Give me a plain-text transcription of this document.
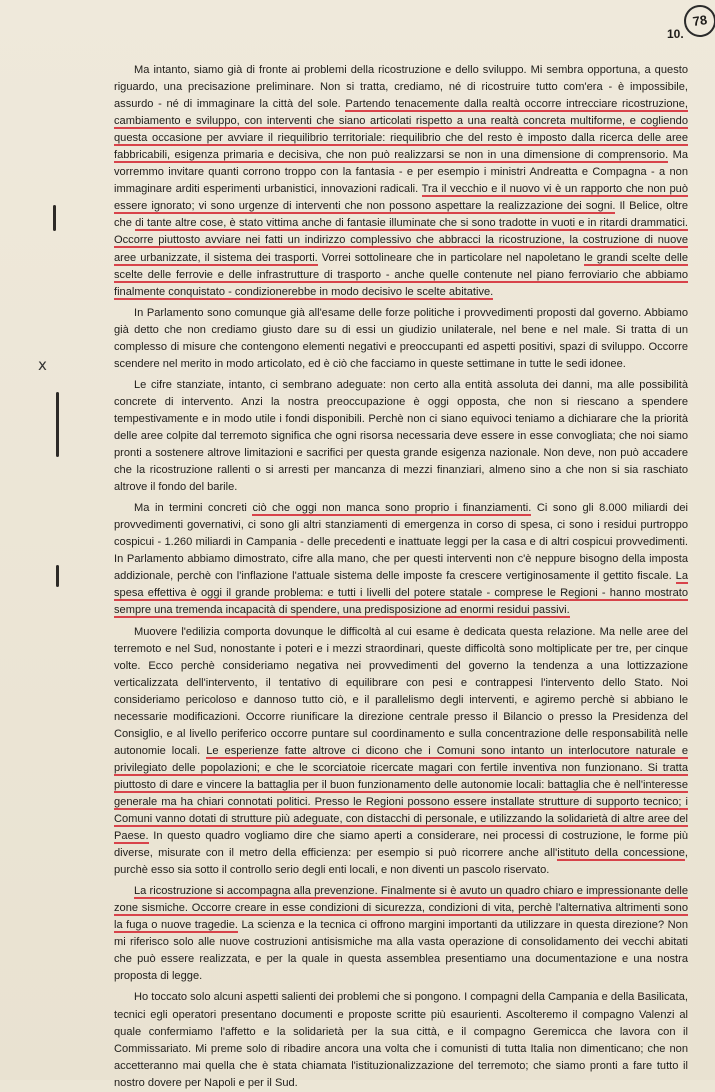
78
10.
x

Ma intanto, siamo già di fronte ai problemi della ricostruzione e dello sviluppo. Mi sembra opportuna, a questo riguardo, una precisazione preliminare. Non si tratta, crediamo, né di ricostruire tutto com'era - è impossibile, assurdo - né di immaginare la città del sole. Partendo tenacemente dalla realtà occorre intrecciare ricostruzione, cambiamento e sviluppo, con interventi che siano articolati rispetto a una realtà concreta multiforme, e cogliendo questa occasione per avviare il riequilibrio territoriale: riequilibrio che del resto è imposto dalla ricerca delle aree fabbricabili, esigenza primaria e decisiva, che non può realizzarsi se non in una dimensione di comprensorio. Ma vorremmo invitare quanti corrono troppo con la fantasia - e per esempio i ministri Andreatta e Compagna - a non immaginare arditi esperimenti urbanistici, innovazioni radicali. Tra il vecchio e il nuovo vi è un rapporto che non può essere ignorato; vi sono urgenze di interventi che non possono aspettare la realizzazione dei sogni. Il Belice, oltre che di tante altre cose, è stato vittima anche di fantasie illuminate che si sono tradotte in vuoti e in ritardi drammatici. Occorre piuttosto avviare nei fatti un indirizzo complessivo che abbracci la ricostruzione, la costruzione di nuove aree urbanizzate, il sistema dei trasporti. Vorrei sottolineare che in particolare nel napoletano le grandi scelte delle scelte delle ferrovie e delle infrastrutture di trasporto - anche quelle contenute nel piano ferroviario che abbiamo finalmente conquistato - condizionerebbe in modo decisivo le scelte abitative.

In Parlamento sono comunque già all'esame delle forze politiche i provvedimenti proposti dal governo. Abbiamo già detto che non crediamo giusto dare su di essi un giudizio unilaterale, nel bene e nel male. Si tratta di un complesso di misure che contengono elementi negativi e preoccupanti ed aspetti positivi, spazi di sviluppo. Occorre scendere nel merito in modo articolato, ed è ciò che facciamo in queste settimane in tutte le sedi idonee.

Le cifre stanziate, intanto, ci sembrano adeguate: non certo alla entità assoluta dei danni, ma alle possibilità concrete di intervento. Anzi la nostra preoccupazione è oggi opposta, che non si riescano a spendere tempestivamente e in modo utile i fondi disponibili. Perchè non ci siano equivoci teniamo a dichiarare che la priorità delle aree colpite dal terremoto significa che ogni risorsa necessaria deve essere in esse convogliata; che noi siamo pronti a sostenere altrove limitazioni e sacrifici per questa grande esigenza nazionale. Non deve, non può accadere che la ricostruzione rallenti o si arresti per mancanza di mezzi finanziari, almeno sino a che non si sia raschiato altrove il fondo del barile.

Ma in termini concreti ciò che oggi non manca sono proprio i finanziamenti. Ci sono gli 8.000 miliardi dei provvedimenti governativi, ci sono gli altri stanziamenti di emergenza in corso di spesa, ci sono i residui purtroppo cospicui - 1.260 miliardi in Campania - delle precedenti e inattuate leggi per la casa e di altri cospicui provvedimenti. In Parlamento abbiamo dimostrato, cifre alla mano, che per questi interventi non c'è neppure bisogno della imposta addizionale, perchè con l'inflazione l'attuale sistema delle imposte fa crescere vertiginosamente il gettito fiscale. La spesa effettiva è oggi il grande problema: e tutti i livelli del potere statale - comprese le Regioni - hanno mostrato sempre una tremenda incapacità di spendere, una predisposizione ad enormi residui passivi.

Muovere l'edilizia comporta dovunque le difficoltà al cui esame è dedicata questa relazione. Ma nelle aree del terremoto e nel Sud, nonostante i poteri e i mezzi straordinari, queste difficoltà sono moltiplicate per tre, per cinque volte. Ecco perchè consideriamo negativa nei provvedimenti del governo la tendenza a una lottizzazione verticalizzata dell'intervento, il tentativo di equilibrare con pesi e contrappesi l'intervento dello Stato. Noi consideriamo pericoloso e dannoso tutto ciò, e il parallelismo degli interventi, e agiremo perchè si abbiano le necessarie modificazioni. Occorre riunificare la direzione centrale presso il Bilancio o presso la Presidenza del Consiglio, e al livello periferico occorre puntare sul coordinamento e sulla concentrazione delle responsabilità nelle autonomie locali. Le esperienze fatte altrove ci dicono che i Comuni sono intanto un interlocutore naturale e privilegiato delle popolazioni; e che le scorciatoie ricercate magari con fertile inventiva non funzionano. Si tratta piuttosto di dare e vincere la battaglia per il buon funzionamento delle autonomie locali: battaglia che è nell'interesse generale ma ha chiari connotati politici. Presso le Regioni possono essere installate strutture di supporto tecnico; i Comuni vanno dotati di strutture più adeguate, con distacchi di personale, e utilizzando la solidarietà di altre aree del Paese. In questo quadro vogliamo dire che siamo aperti a considerare, nei processi di costruzione, le forme più diverse, misurate con il metro della efficienza: per esempio si può ricorrere anche all'istituto della concessione, purchè esso sia sotto il controllo serio degli enti locali, e non diventi un pascolo riservato.

La ricostruzione si accompagna alla prevenzione. Finalmente si è avuto un quadro chiaro e impressionante delle zone sismiche. Occorre creare in esse condizioni di sicurezza, condizioni di vita, perchè l'alternativa altrimenti sono la fuga o nuove tragedie. La scienza e la tecnica ci offrono margini importanti da utilizzare in questa direzione? Non mi riferisco solo alle nuove costruzioni antisismiche ma alla vasta operazione di consolidamento dei vecchi abitati che può essere realizzata, e per la quale in questa assemblea presentiamo una documentazione e una nostra proposta di legge.

Ho toccato solo alcuni aspetti salienti dei problemi che si pongono. I compagni della Campania e della Basilicata, tecnici egli operatori presentano documenti e proposte scritte più esaurienti. Ascolteremo il compagno Valenzi al quale confermiamo l'affetto e la solidarietà per la sua città, e il compagno Geremicca che lavora con il Commissariato. Mi preme solo di ribadire ancora una volta che i comunisti di tutta Italia non dimenticano; che non accetteranno mai quella che è stata chiamata l'istituzionalizzazione del terremoto; che siamo pronti a fare tutto il nostro dovere per Napoli e per il Sud.
